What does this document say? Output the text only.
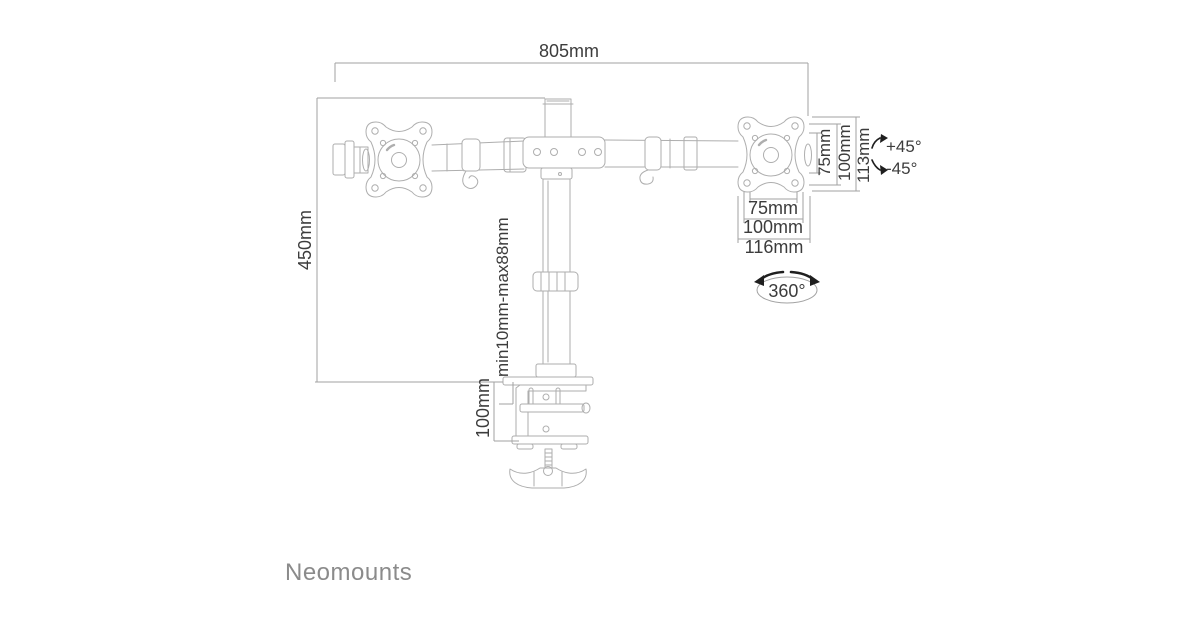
805mm
450mm	min10mm-max88mm
100mm
75mm 100mm 113mm +45°
-45°
75mm
100mm
116mm
360°
Neomounts
